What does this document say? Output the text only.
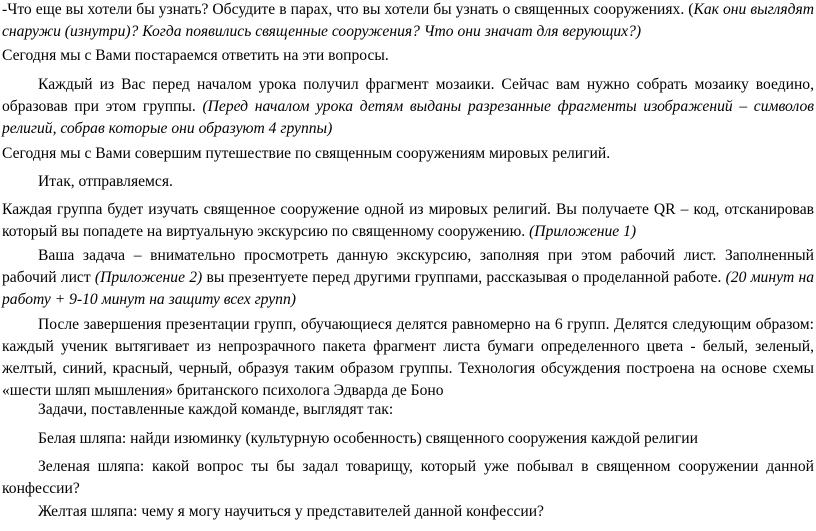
-Что еще вы хотели бы узнать? Обсудите в парах, что вы хотели бы узнать о священных сооружениях. (Как они выглядят снаружи (изнутри)? Когда появились священные сооружения? Что они значат для верующих?)

Сегодня мы с Вами постараемся ответить на эти вопросы.

Каждый из Вас перед началом урока получил фрагмент мозаики. Сейчас вам нужно собрать мозаику воедино, образовав при этом группы. (Перед началом урока детям выданы разрезанные фрагменты изображений – символов религий, собрав которые они образуют 4 группы)

Сегодня мы с Вами совершим путешествие по священным сооружениям мировых религий.

Итак, отправляемся.

Каждая группа будет изучать священное сооружение одной из мировых религий. Вы получаете QR – код, отсканировав который вы попадете на виртуальную экскурсию по священному сооружению. (Приложение 1)

Ваша задача – внимательно просмотреть данную экскурсию, заполняя при этом рабочий лист. Заполненный рабочий лист (Приложение 2) вы презентуете перед другими группами, рассказывая о проделанной работе. (20 минут на работу + 9-10 минут на защиту всех групп)

После завершения презентации групп, обучающиеся делятся равномерно на 6 групп. Делятся следующим образом: каждый ученик вытягивает из непрозрачного пакета фрагмент листа бумаги определенного цвета - белый, зеленый, желтый, синий, красный, черный, образуя таким образом группы. Технология обсуждения построена на основе схемы «шести шляп мышления» британского психолога Эдварда де Боно

Задачи, поставленные каждой команде, выглядят так:

Белая шляпа: найди изюминку (культурную особенность) священного сооружения каждой религии

Зеленая шляпа: какой вопрос ты бы задал товарищу, который уже побывал в священном сооружении данной конфессии?

Желтая шляпа: чему я могу научиться у представителей данной конфессии?
